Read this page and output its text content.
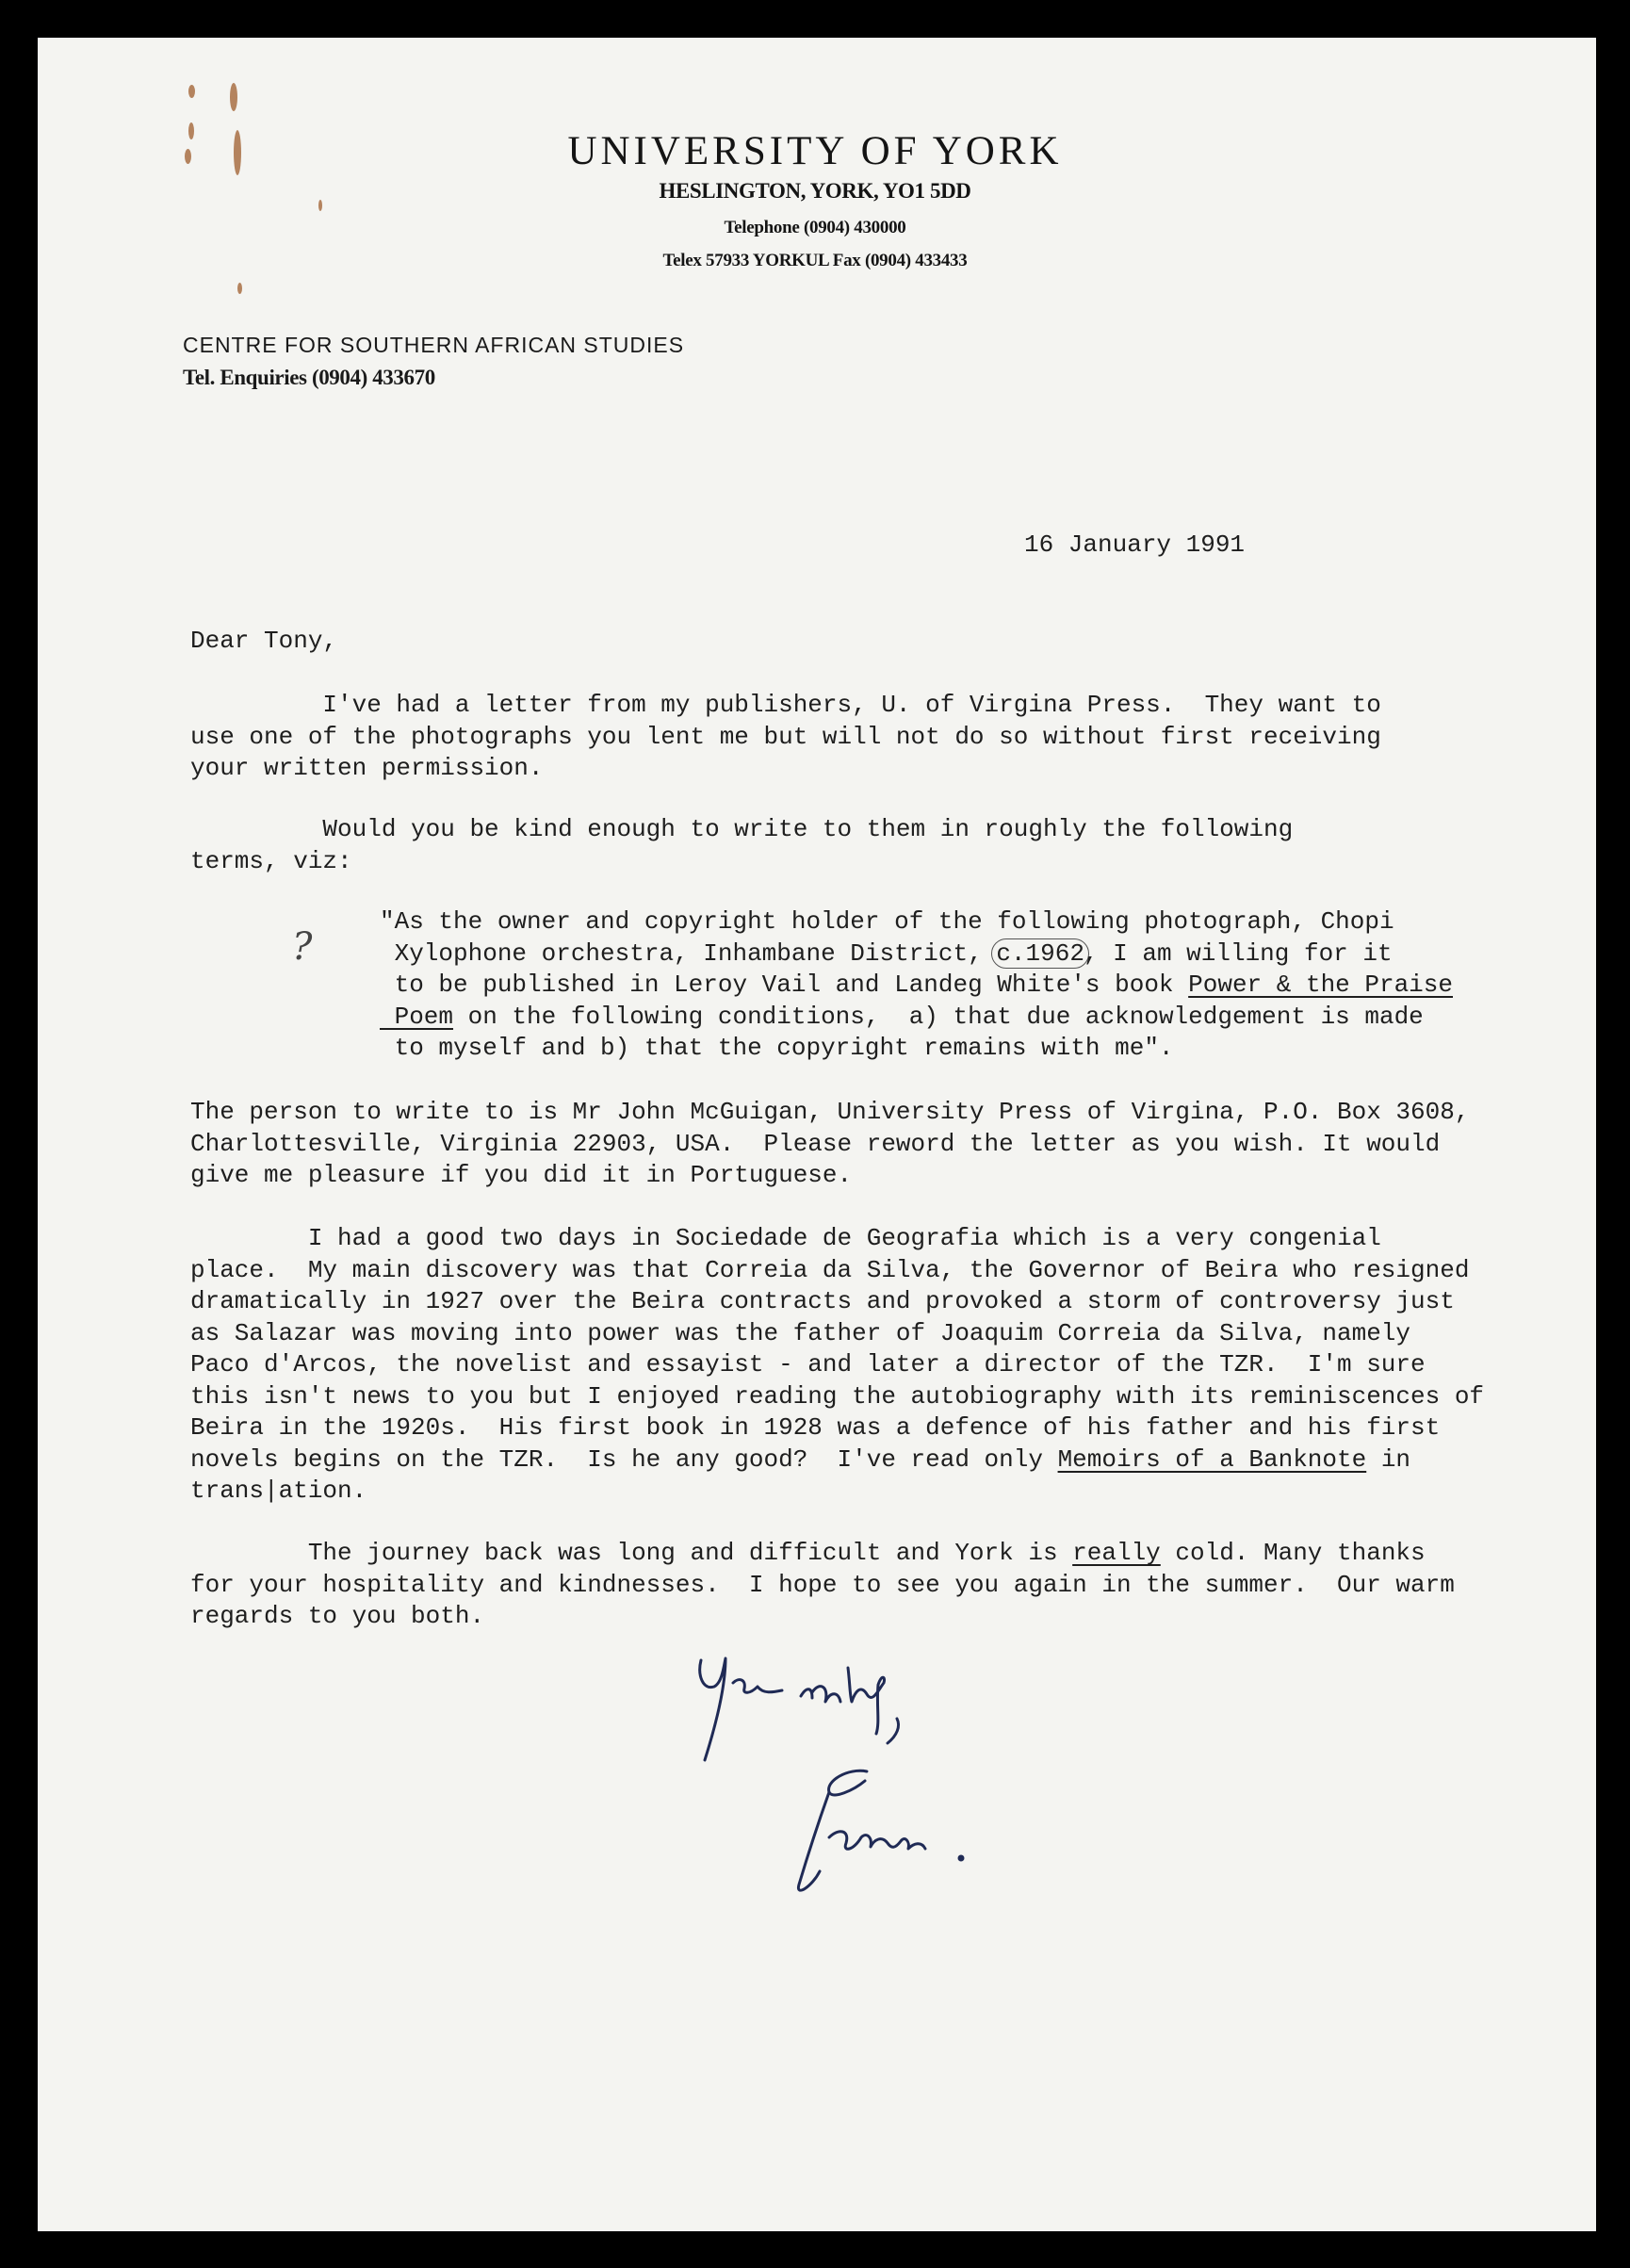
UNIVERSITY OF YORK
HESLINGTON, YORK, YO1 5DD
Telephone (0904) 430000
Telex 57933 YORKUL Fax (0904) 433433
CENTRE FOR SOUTHERN AFRICAN STUDIES
Tel. Enquiries (0904) 433670
16 January 1991
Dear Tony,
I've had a letter from my publishers, U. of Virgina Press.  They want to
use one of the photographs you lent me but will not do so without first receiving
your written permission.
Would you be kind enough to write to them in roughly the following
terms, viz:
?
"As the owner and copyright holder of the following photograph, Chopi
Xylophone orchestra, Inhambane District, c.1962, I am willing for it
to be published in Leroy Vail and Landeg White's book Power & the Praise
Poem on the following conditions,  a) that due acknowledgement is made
to myself and b) that the copyright remains with me".
The person to write to is Mr John McGuigan, University Press of Virgina, P.O. Box 3608,
Charlottesville, Virginia 22903, USA.  Please reword the letter as you wish. It would
give me pleasure if you did it in Portuguese.
I had a good two days in Sociedade de Geografia which is a very congenial
place.  My main discovery was that Correia da Silva, the Governor of Beira who resigned
dramatically in 1927 over the Beira contracts and provoked a storm of controversy just
as Salazar was moving into power was the father of Joaquim Correia da Silva, namely
Paco d'Arcos, the novelist and essayist - and later a director of the TZR.  I'm sure
this isn't news to you but I enjoyed reading the autobiography with its reminiscences of
Beira in the 1920s.  His first book in 1928 was a defence of his father and his first
novels begins on the TZR.  Is he any good?  I've read only Memoirs of a Banknote in
trans|ation.
The journey back was long and difficult and York is really cold. Many thanks
for your hospitality and kindnesses.  I hope to see you again in the summer.  Our warm
regards to you both.
